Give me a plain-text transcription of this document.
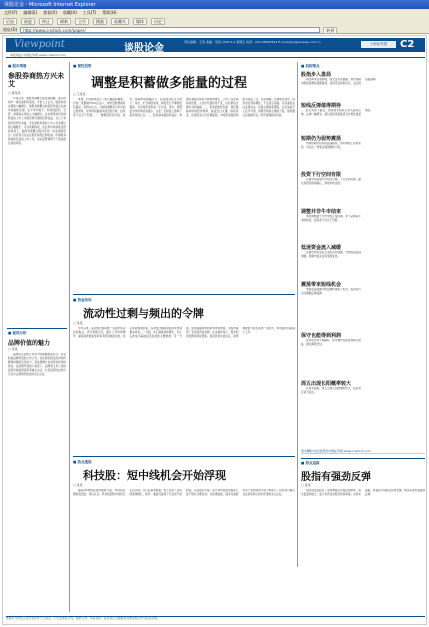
谈股论金 - Microsoft Internet Explorer
文件(F) 编辑(E) 查看(V) 收藏(A) 工具(T) 帮助(H)
后退	前进	停止	刷新	主页	搜索	收藏夹	媒体	历史
地址(D)	http://www.cnstock.com/paper/	转到
Viewpoint	谈股论金
责任编辑：王某 美编：某某 2007.2.2 星期五 电话：021-38967812 E-mail:plyz@ssnews.com.cn	上海证券报	C2
本报网站·中国证券网 www.cnstock.com
■ 股市观察
参股券商热方兴未艾
□ 陈某某

年初以来，参股券商概念股表现抢眼，成为市场中一道亮丽的风景线。分析人士认为，随着券商业绩的大幅增长，参股券商概念的投资价值正在被市场重新发现。在牛市环境下，券商的经纪、自营、承销等业务收入大幅增长，这也使得持有券商股权的上市公司将获得可观的投资收益。从已公布的年报预告来看，多家参股券商的上市公司业绩出现大幅增长。可以预期的是，在证券市场持续活跃的背景下，参股券商概念股仍有进一步表现的机会。投资者可以关注那些持股比例较高、所参股券商质地优良的上市公司，但也需警惕部分个股估值过高的风险。

■ 板块分析
品牌价值的魅力
□ 某某

品牌是企业核心竞争力的重要组成部分。具有较高品牌价值的上市公司，往往拥有稳定的市场份额和较强的定价能力，其业绩增长也具有较好的持续性。在消费升级的大背景下，品牌类上市公司的投资价值值得投资者重点关注，尤其是那些在细分行业中占据领先地位的龙头企业。

■ 理性投资
调整是积蓄做多能量的过程
□ 王某某

本周，沪深两市经历了较大幅度的调整，沪指一度跌破2700点关口，市场恐慌情绪有所蔓延。但我们认为，当前的调整是牛市中的正常现象，是市场积蓄做多能量的过程，投资者不必过于悲观。一、调整的原因分析：首先，前期市场涨幅过大，获利盘回吐压力较大；其次，扩容速度加快，新股发行节奏明显提速，对市场资金形成一定分流；再次，管理层对市场风险的提示，也在一定程度上影响了投资者的心态。二、经济基本面依然良好：我国宏观经济保持平稳较快增长，上市公司业绩持续改善，人民币升值趋势不变，这些都是支撑牛市的基础。三、资金面依然充裕：居民储蓄持续向股市转移，基金发行火爆，保险资金、社保资金入市比例提高，市场资金面依然较为宽松。四、投资策略：在调整过程中，投资者应保持理性，不宜盲目杀跌。可以逢低关注业绩优良、估值合理的蓝筹股，以及受益于人民币升值、消费升级等主题的个股。同时要注意控制仓位，防范短期波动风险。

■ 资金动向
流动性过剩与频出的令牌
□ 某某

今年以来，流动性过剩问题一直是市场关注的焦点。央行频频出手，通过公开市场操作、提高存款准备金率等手段回收流动性。但从实际效果来看，流动性过剩的局面并未得到根本改变。一方面，外汇储备持续增长，外汇占款成为基础货币投放的主要渠道；另一方面，居民储蓄存款向资本市场转移，为股市提供了充足的资金来源。在这种背景下，股市的资金推动特征明显。但投资者也需注意，政策调控的力度可能进一步加大，市场波动风险随之上升。

■ 热点透视
科技股：短中线机会开始浮现
□ 某某

随着3G牌照发放预期的升温，科技股近期表现活跃。我们认为，科技股的短中线机会正在浮现。从行业基本面看，电子信息产业持续高速增长，软件、通信设备等子行业景气度较高；从估值水平看，部分科技股的市盈率已处于相对合理区间；从政策面看，国家对高新技术产业的扶持力度不断加大。投资者可重点关注具有核心技术优势的龙头企业。

■ 机构观点
股指步入盘局

周四两市震荡整理，成交量有所萎缩。预计短期内股指将维持盘整格局，投资者宜控制仓位，关注低估值品种。

短线反弹值得期待

经过连续下跌后，短线技术指标已进入超卖区域，反弹一触即发。建议投资者逢低适当布局优质蓝筹股。

短期仍为弱势震荡

市场短期仍将延续震荡格局，但中期向上趋势未改。可关注一季度业绩预增的个股。

投资下行空间有限

目前市场估值水平相对合理，下行空间有限，建议投资者保持耐心，等待市场企稳。

调整并非牛市结束

本轮调整属于牛市中的正常回调，并不意味着牛市的结束，投资者不必过于恐慌。

低迷资金流入减缓

近期市场资金流入速度有所放缓，导致股指震荡加剧，短期内需关注资金面变化。

震荡带来短线机会

市场震荡加剧为短线操作提供了机会，投资者可关注超跌反弹品种。

保守也能得到利润

在市场方向不明朗时，保守操作也能获得稳定收益，建议降低仓位。

周五出现长阳概率较大

从技术面看，周五出现长阳的概率较大，投资者可适当关注。

更多精彩内容请登录中国证券网 www.cnstock.com
■ 热点追踪
股指有强劲反弹
□ 某某

周四股指在经历了连续调整后出现企稳迹象，成交量温和放大，显示有资金在低位积极承接。从技术面看，股指在年线附近获得支撑，短线有望出现强劲反弹。

本版所刊登文章仅代表作者个人观点，不代表本报立场。据此入市，风险自担。投资者应当根据自身情况独立作出投资决策。
